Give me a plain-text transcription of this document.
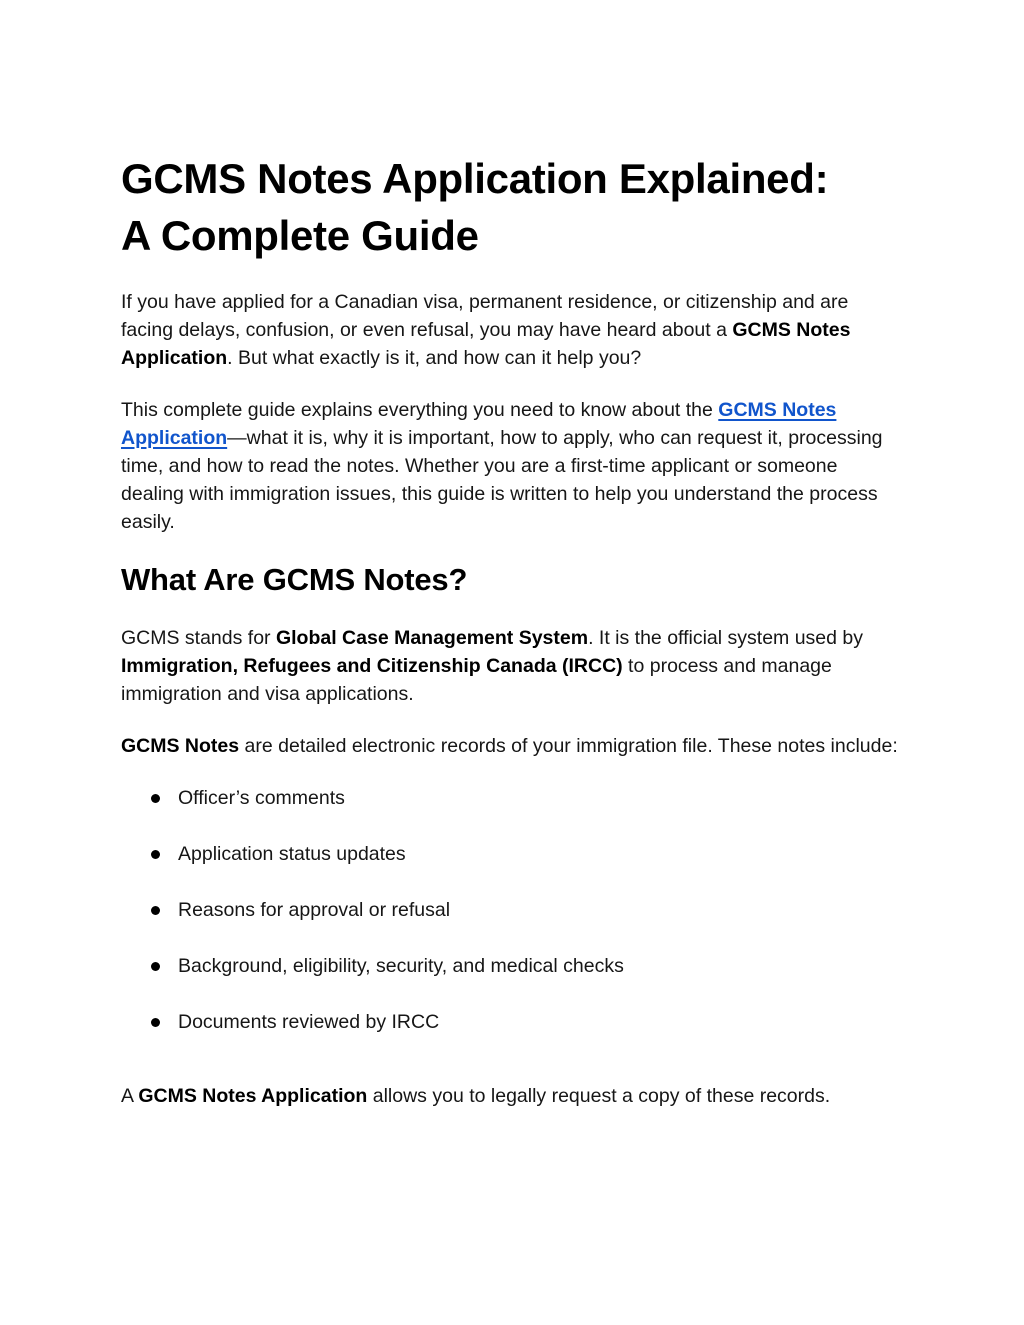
GCMS Notes Application Explained:
A Complete Guide

If you have applied for a Canadian visa, permanent residence, or citizenship and are facing delays, confusion, or even refusal, you may have heard about a GCMS Notes Application. But what exactly is it, and how can it help you?

This complete guide explains everything you need to know about the GCMS Notes Application—what it is, why it is important, how to apply, who can request it, processing time, and how to read the notes. Whether you are a first-time applicant or someone dealing with immigration issues, this guide is written to help you understand the process easily.

What Are GCMS Notes?

GCMS stands for Global Case Management System. It is the official system used by Immigration, Refugees and Citizenship Canada (IRCC) to process and manage immigration and visa applications.

GCMS Notes are detailed electronic records of your immigration file. These notes include:

Officer’s comments
Application status updates
Reasons for approval or refusal
Background, eligibility, security, and medical checks
Documents reviewed by IRCC

A GCMS Notes Application allows you to legally request a copy of these records.
